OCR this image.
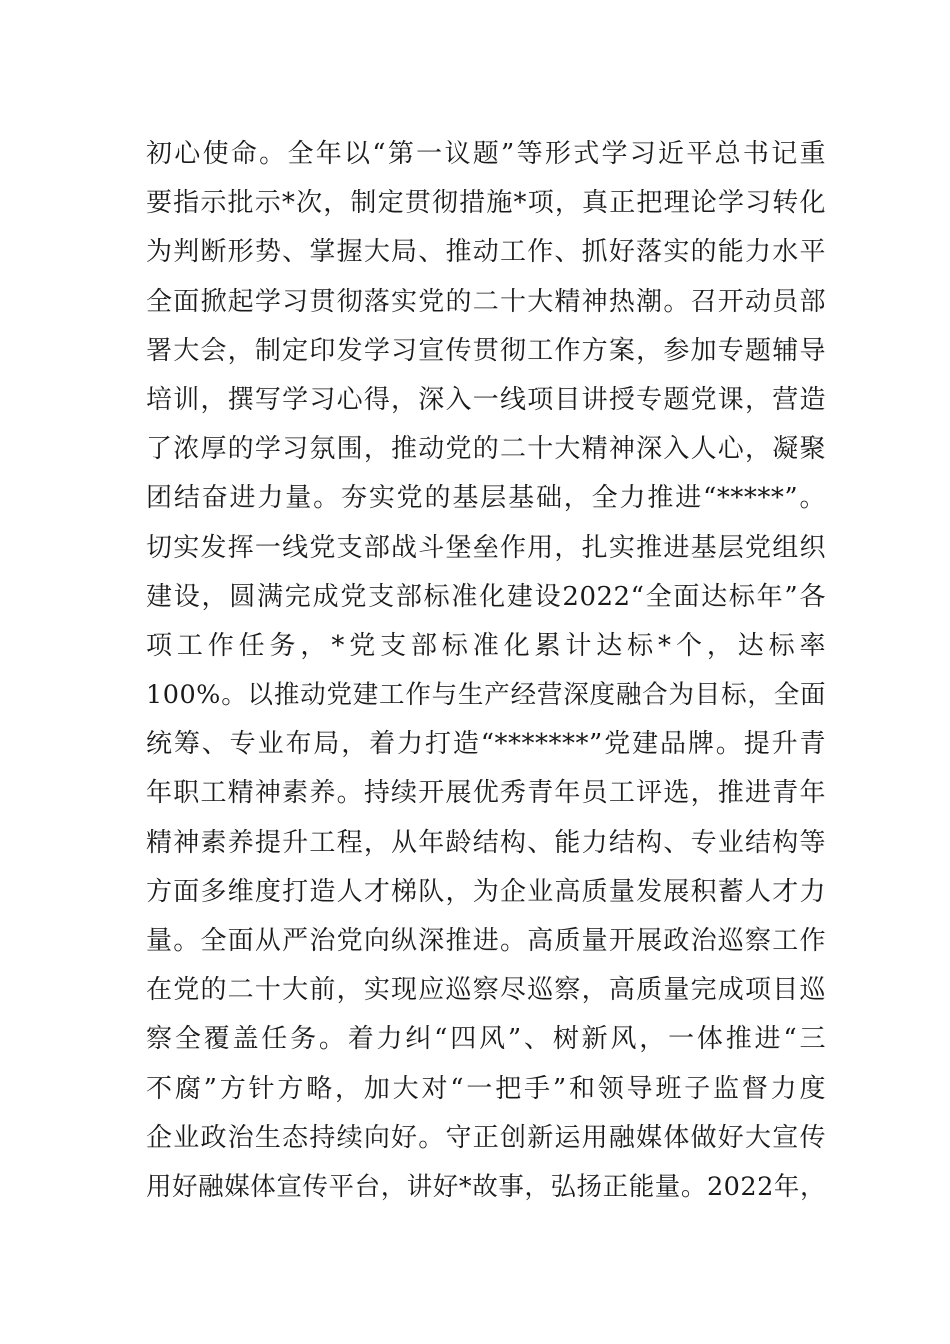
初心使命。全年以“第一议题”等形式学习近平总书记重
要指示批示*次，制定贯彻措施*项，真正把理论学习转化
为判断形势、掌握大局、推动工作、抓好落实的能力水平
全面掀起学习贯彻落实党的二十大精神热潮。召开动员部
署大会，制定印发学习宣传贯彻工作方案，参加专题辅导
培训，撰写学习心得，深入一线项目讲授专题党课，营造
了浓厚的学习氛围，推动党的二十大精神深入人心，凝聚
团结奋进力量。夯实党的基层基础，全力推进“*****”。
切实发挥一线党支部战斗堡垒作用，扎实推进基层党组织
建设，圆满完成党支部标准化建设2022“全面达标年”各
项工作任务，*党支部标准化累计达标*个，达标率
100%。以推动党建工作与生产经营深度融合为目标，全面
统筹、专业布局，着力打造“*******”党建品牌。提升青
年职工精神素养。持续开展优秀青年员工评选，推进青年
精神素养提升工程，从年龄结构、能力结构、专业结构等
方面多维度打造人才梯队，为企业高质量发展积蓄人才力
量。全面从严治党向纵深推进。高质量开展政治巡察工作
在党的二十大前，实现应巡察尽巡察，高质量完成项目巡
察全覆盖任务。着力纠“四风”、树新风，一体推进“三
不腐”方针方略，加大对“一把手”和领导班子监督力度
企业政治生态持续向好。守正创新运用融媒体做好大宣传
用好融媒体宣传平台，讲好*故事，弘扬正能量。2022年，
